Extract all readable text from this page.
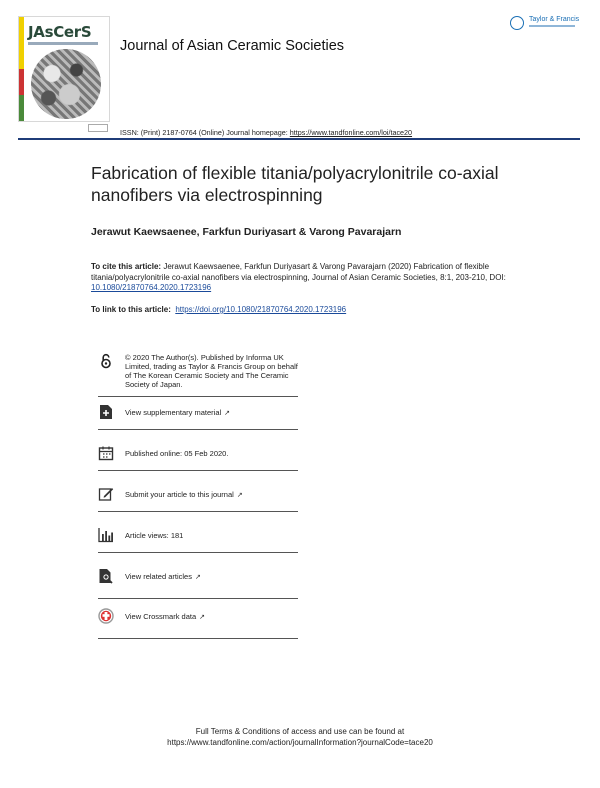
JAsCerS
Journal of Asian Ceramic Societies
Taylor & Francis
ISSN: (Print) 2187-0764 (Online) Journal homepage: https://www.tandfonline.com/loi/tace20
Fabrication of flexible titania/polyacrylonitrile co-axial nanofibers via electrospinning
Jerawut Kaewsaenee, Farkfun Duriyasart & Varong Pavarajarn
To cite this article: Jerawut Kaewsaenee, Farkfun Duriyasart & Varong Pavarajarn (2020) Fabrication of flexible titania/polyacrylonitrile co-axial nanofibers via electrospinning, Journal of Asian Ceramic Societies, 8:1, 203-210, DOI: 10.1080/21870764.2020.1723196
To link to this article: https://doi.org/10.1080/21870764.2020.1723196
© 2020 The Author(s). Published by Informa UK Limited, trading as Taylor & Francis Group on behalf of The Korean Ceramic Society and The Ceramic Society of Japan.
View supplementary material ↗
Published online: 05 Feb 2020.
Submit your article to this journal ↗
Article views: 181
View related articles ↗
View Crossmark data ↗
Full Terms & Conditions of access and use can be found at
https://www.tandfonline.com/action/journalInformation?journalCode=tace20
